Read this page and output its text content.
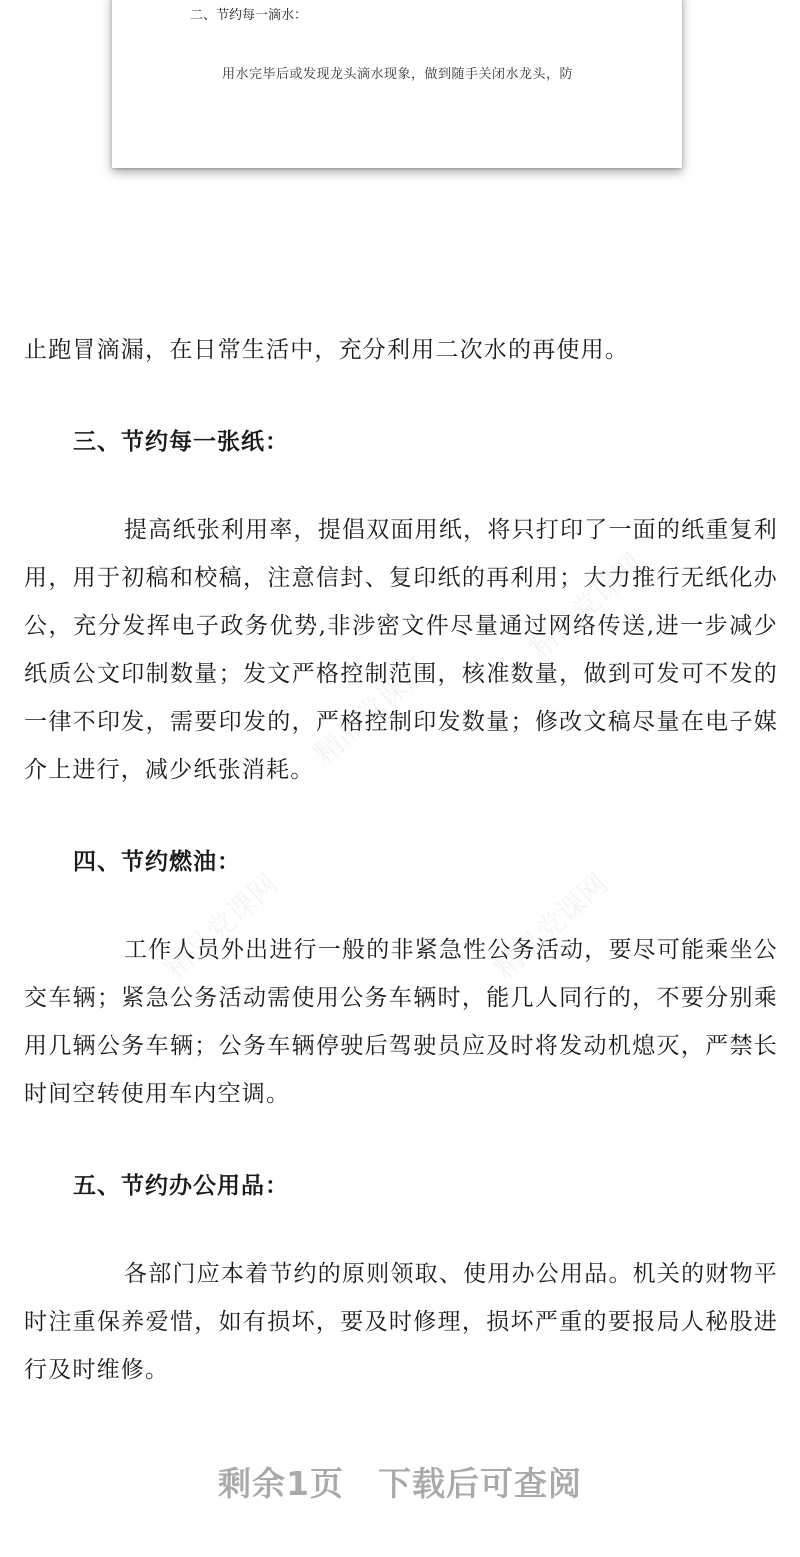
二、节约每一滴水：
用水完毕后或发现龙头滴水现象，做到随手关闭水龙头，防
精品党课网
精品党课网
精品党课网	精品党课网

止跑冒滴漏，在日常生活中，充分利用二次水的再使用。

三、节约每一张纸：

提高纸张利用率，提倡双面用纸，将只打印了一面的纸重复利用，用于初稿和校稿，注意信封、复印纸的再利用；大力推行无纸化办公，充分发挥电子政务优势,非涉密文件尽量通过网络传送,进一步减少纸质公文印制数量；发文严格控制范围，核准数量，做到可发可不发的一律不印发，需要印发的，严格控制印发数量；修改文稿尽量在电子媒介上进行，减少纸张消耗。

四、节约燃油：

工作人员外出进行一般的非紧急性公务活动，要尽可能乘坐公交车辆；紧急公务活动需使用公务车辆时，能几人同行的，不要分别乘用几辆公务车辆；公务车辆停驶后驾驶员应及时将发动机熄灭，严禁长时间空转使用车内空调。

五、节约办公用品：

各部门应本着节约的原则领取、使用办公用品。机关的财物平时注重保养爱惜，如有损坏，要及时修理，损坏严重的要报局人秘股进行及时维修。

剩余1页 下载后可查阅
